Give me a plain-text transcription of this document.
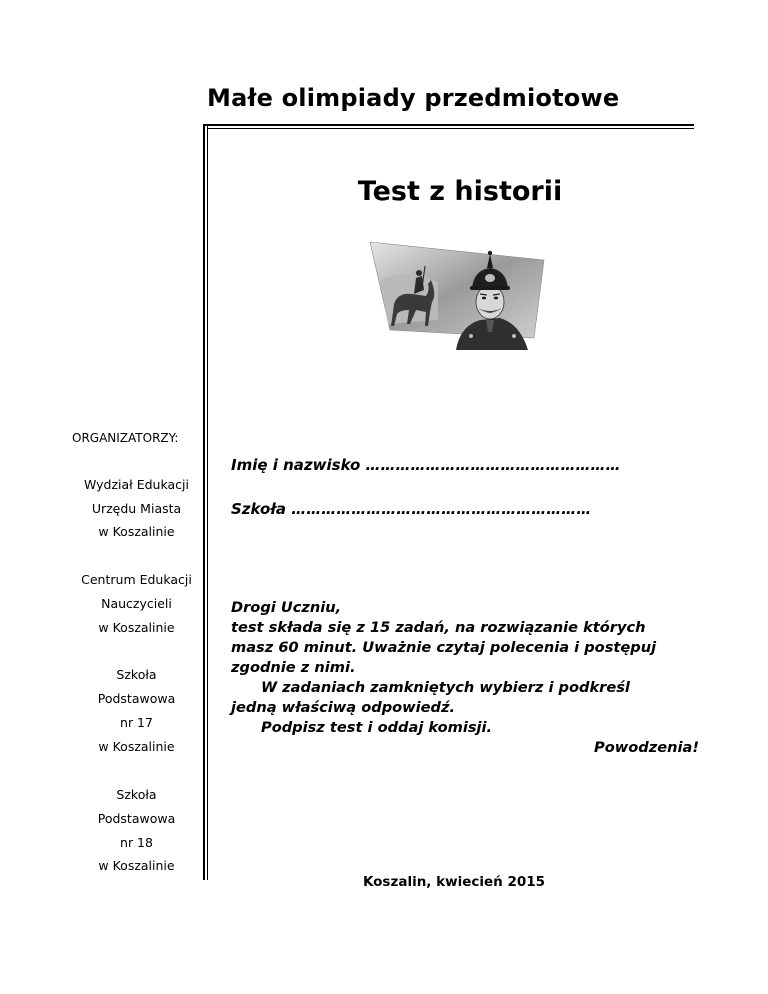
Małe olimpiady przedmiotowe
Test z historii
ORGANIZATORZY:
Wydział Edukacji
Urzędu Miasta
w Koszalinie
Centrum Edukacji
Nauczycieli
w Koszalinie
Szkoła
Podstawowa
nr 17
w Koszalinie
Szkoła
Podstawowa
nr 18
w Koszalinie
Imię i nazwisko ……………………………………………
Szkoła ……………………………………………………
Drogi Uczniu,
test składa się z 15 zadań, na rozwiązanie których
masz 60 minut. Uważnie czytaj polecenia i postępuj
zgodnie z nimi.
W zadaniach zamkniętych wybierz i podkreśl
jedną właściwą odpowiedź.
Podpisz test i oddaj komisji.
Powodzenia!
Koszalin, kwiecień 2015
